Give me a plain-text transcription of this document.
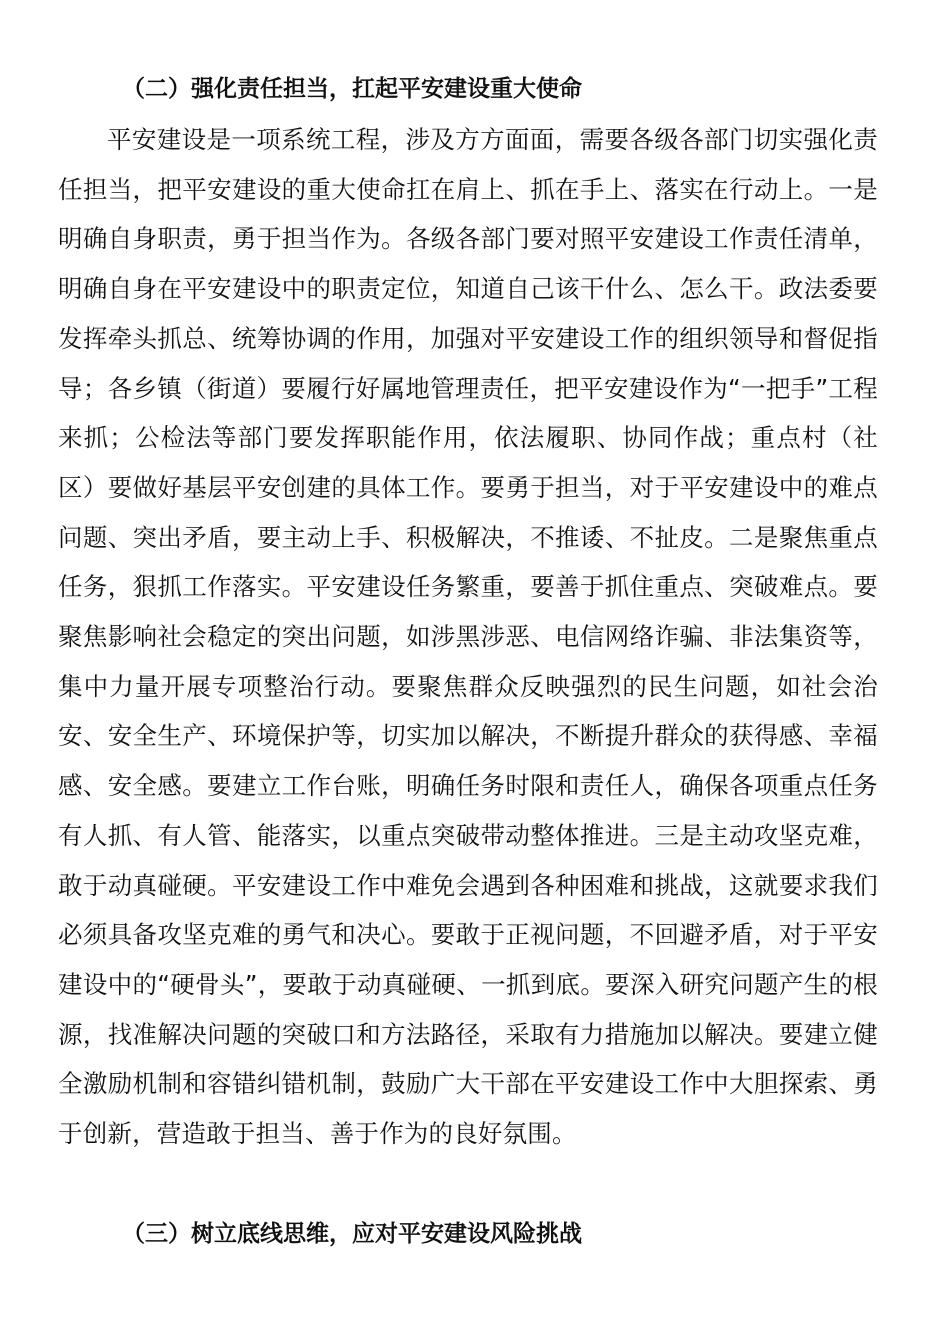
（二）强化责任担当，扛起平安建设重大使命

平安建设是一项系统工程，涉及方方面面，需要各级各部门切实强化责任担当，把平安建设的重大使命扛在肩上、抓在手上、落实在行动上。一是明确自身职责，勇于担当作为。各级各部门要对照平安建设工作责任清单，明确自身在平安建设中的职责定位，知道自己该干什么、怎么干。政法委要发挥牵头抓总、统筹协调的作用，加强对平安建设工作的组织领导和督促指导；各乡镇（街道）要履行好属地管理责任，把平安建设作为“一把手”工程来抓；公检法等部门要发挥职能作用，依法履职、协同作战；重点村（社区）要做好基层平安创建的具体工作。要勇于担当，对于平安建设中的难点问题、突出矛盾，要主动上手、积极解决，不推诿、不扯皮。二是聚焦重点任务，狠抓工作落实。平安建设任务繁重，要善于抓住重点、突破难点。要聚焦影响社会稳定的突出问题，如涉黑涉恶、电信网络诈骗、非法集资等，集中力量开展专项整治行动。要聚焦群众反映强烈的民生问题，如社会治安、安全生产、环境保护等，切实加以解决，不断提升群众的获得感、幸福感、安全感。要建立工作台账，明确任务时限和责任人，确保各项重点任务有人抓、有人管、能落实，以重点突破带动整体推进。三是主动攻坚克难，敢于动真碰硬。平安建设工作中难免会遇到各种困难和挑战，这就要求我们必须具备攻坚克难的勇气和决心。要敢于正视问题，不回避矛盾，对于平安建设中的“硬骨头”，要敢于动真碰硬、一抓到底。要深入研究问题产生的根源，找准解决问题的突破口和方法路径，采取有力措施加以解决。要建立健全激励机制和容错纠错机制，鼓励广大干部在平安建设工作中大胆探索、勇于创新，营造敢于担当、善于作为的良好氛围。

（三）树立底线思维，应对平安建设风险挑战
